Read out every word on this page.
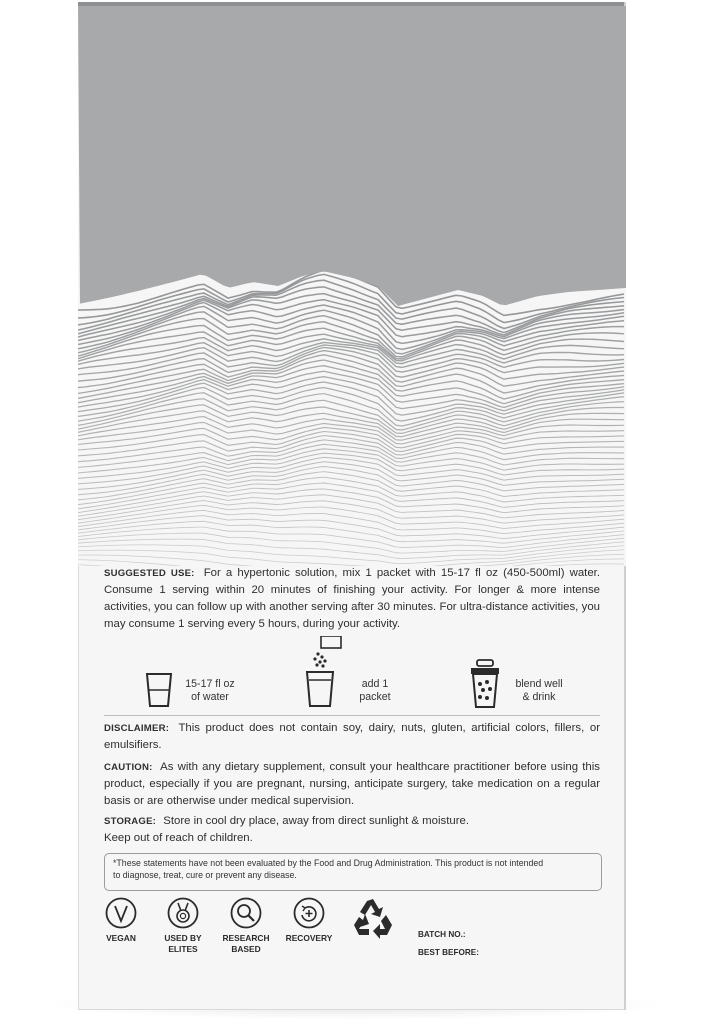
SUGGESTED USE: For a hypertonic solution, mix 1 packet with 15-17 fl oz (450-500ml) water. Consume 1 serving within 20 minutes of finishing your activity. For longer & more intense activities, you can follow up with another serving after 30 minutes. For ultra-distance activities, you may consume 1 serving every 5 hours, during your activity.
15-17 fl oz
of water
add 1
packet
blend well
& drink
DISCLAIMER: This product does not contain soy, dairy, nuts, gluten, artificial colors, fillers, or emulsifiers.
CAUTION: As with any dietary supplement, consult your healthcare practitioner before using this product, especially if you are pregnant, nursing, anticipate surgery, take medication on a regular basis or are otherwise under medical supervision.
STORAGE: Store in cool dry place, away from direct sunlight & moisture.
Keep out of reach of children.
*These statements have not been evaluated by the Food and Drug Administration. This product is not intended
to diagnose, treat, cure or prevent any disease.
VEGAN	USED BY
ELITES
RESEARCH
BASED
RECOVERY	BATCH NO.:
BEST BEFORE:
